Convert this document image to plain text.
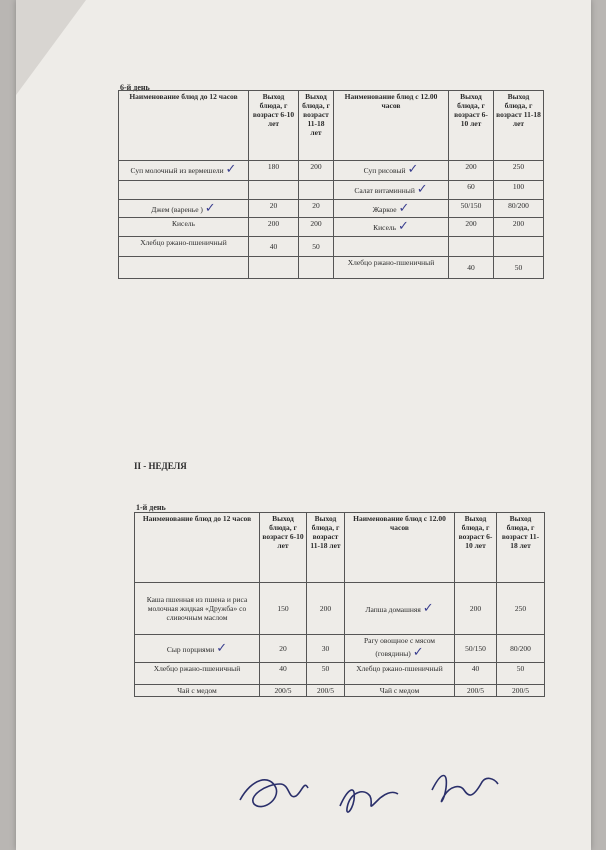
6-й день
Наименование блюд до 12 часов	Выход блюда, г возраст 6-10 лет	Выход блюда, г возраст 11-18 лет	Наименование блюд с 12.00 часов	Выход блюда, г возраст 6-10 лет	Выход блюда, г возраст 11-18 лет
Суп молочный из вермешели ✓	180	200	Суп рисовый ✓	200	250
			Салат витаминный ✓	60	100
Джем (варенье ) ✓	20	20	Жаркое ✓	50/150	80/200
Кисель	200	200	Кисель ✓	200	200
Хлебцо ржано-пшеничный	40	50			
			Хлебцо ржано-пшеничный	40	50
II - НЕДЕЛЯ
1-й день
Наименование блюд до 12 часов	Выход блюда, г возраст 6-10 лет	Выход блюда, г возраст 11-18 лет	Наименование блюд с 12.00 часов	Выход блюда, г возраст 6-10 лет	Выход блюда, г возраст 11-18 лет
Каша пшенная из пшена и риса молочная жидкая «Дружба» со сливочным маслом	150	200	Лапша домашняя ✓	200	250
Сыр порциями ✓	20	30	Рагу овощное с мясом (говядины) ✓	50/150	80/200
Хлебцо ржано-пшеничный	40	50	Хлебцо ржано-пшеничный	40	50
Чай с медом	200/5	200/5	Чай с медом	200/5	200/5
